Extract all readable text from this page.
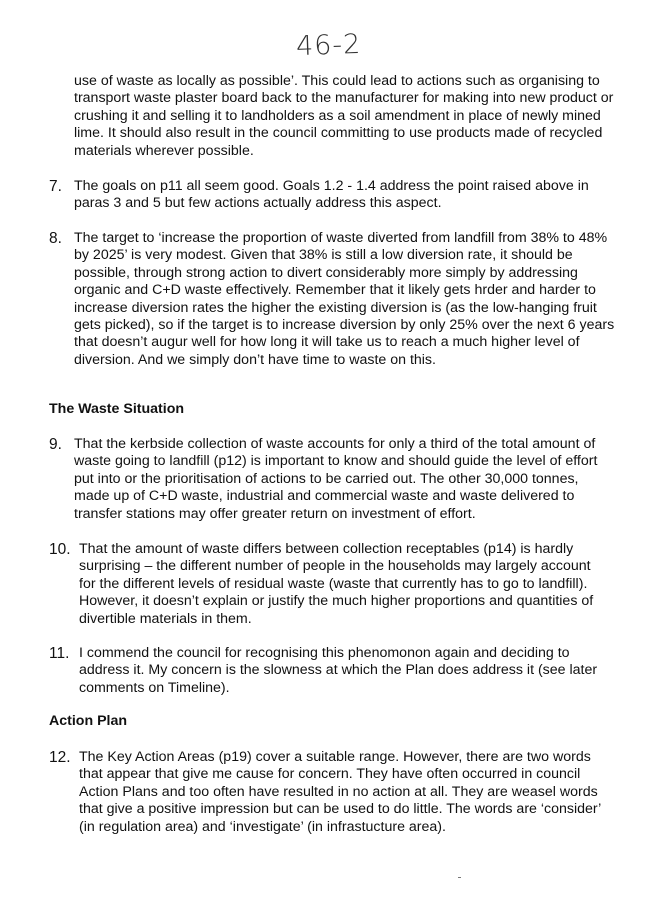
46-2
use of waste as locally as possible’. This could lead to actions such as organising to transport waste plaster board back to the manufacturer for making into new product or crushing it and selling it to landholders as a soil amendment in place of newly mined lime. It should also result in the council committing to use products made of recycled materials wherever possible.
7. The goals on p11 all seem good. Goals 1.2 - 1.4 address the point raised above in paras 3 and 5 but few actions actually address this aspect.
8. The target to ‘increase the proportion of waste diverted from landfill from 38% to 48% by 2025’ is very modest. Given that 38% is still a low diversion rate, it should be possible, through strong action to divert considerably more simply by addressing organic and C+D waste effectively. Remember that it likely gets hrder and harder to increase diversion rates the higher the existing diversion is (as the low-hanging fruit gets picked), so if the target is to increase diversion by only 25% over the next 6 years that doesn’t augur well for how long it will take us to reach a much higher level of diversion. And we simply don’t have time to waste on this.
The Waste Situation
9. That the kerbside collection of waste accounts for only a third of the total amount of waste going to landfill (p12) is important to know and should guide the level of effort put into or the prioritisation of actions to be carried out. The other 30,000 tonnes, made up of C+D waste, industrial and commercial waste and waste delivered to transfer stations may offer greater return on investment of effort.
10. That the amount of waste differs between collection receptables (p14) is hardly surprising – the different number of people in the households may largely account for the different levels of residual waste (waste that currently has to go to landfill). However, it doesn’t explain or justify the much higher proportions and quantities of divertible materials in them.
11. I commend the council for recognising this phenomonon again and deciding to address it. My concern is the slowness at which the Plan does address it (see later comments on Timeline).
Action Plan
12. The Key Action Areas (p19) cover a suitable range. However, there are two words that appear that give me cause for concern. They have often occurred in council Action Plans and too often have resulted in no action at all. They are weasel words that give a positive impression but can be used to do little. The words are ‘consider’ (in regulation area) and ‘investigate’ (in infrastucture area).
